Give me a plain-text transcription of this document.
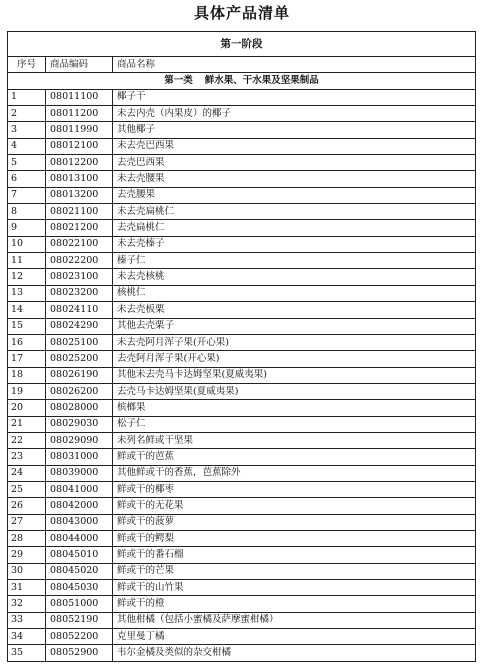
具体产品清单
第一阶段		
序号	商品编码	商品名称
第一类 鲜水果、干水果及坚果制品		
1	08011100	椰子干
2	08011200	未去内壳（内果皮）的椰子
3	08011990	其他椰子
4	08012100	未去壳巴西果
5	08012200	去壳巴西果
6	08013100	未去壳腰果
7	08013200	去壳腰果
8	08021100	未去壳扁桃仁
9	08021200	去壳扁桃仁
10	08022100	未去壳榛子
11	08022200	榛子仁
12	08023100	未去壳核桃
13	08023200	核桃仁
14	08024110	未去壳板栗
15	08024290	其他去壳栗子
16	08025100	未去壳阿月浑子果(开心果)
17	08025200	去壳阿月浑子果(开心果)
18	08026190	其他未去壳马卡达姆坚果(夏威夷果)
19	08026200	去壳马卡达姆坚果(夏威夷果)
20	08028000	槟榔果
21	08029030	松子仁
22	08029090	未列名鲜或干坚果
23	08031000	鲜或干的芭蕉
24	08039000	其他鲜或干的香蕉，芭蕉除外
25	08041000	鲜或干的椰枣
26	08042000	鲜或干的无花果
27	08043000	鲜或干的菠萝
28	08044000	鲜或干的鳄梨
29	08045010	鲜或干的番石榴
30	08045020	鲜或干的芒果
31	08045030	鲜或干的山竹果
32	08051000	鲜或干的橙
33	08052190	其他柑橘（包括小蜜橘及萨摩蜜柑橘）
34	08052200	克里曼丁橘
35	08052900	韦尔金橘及类似的杂交柑橘
